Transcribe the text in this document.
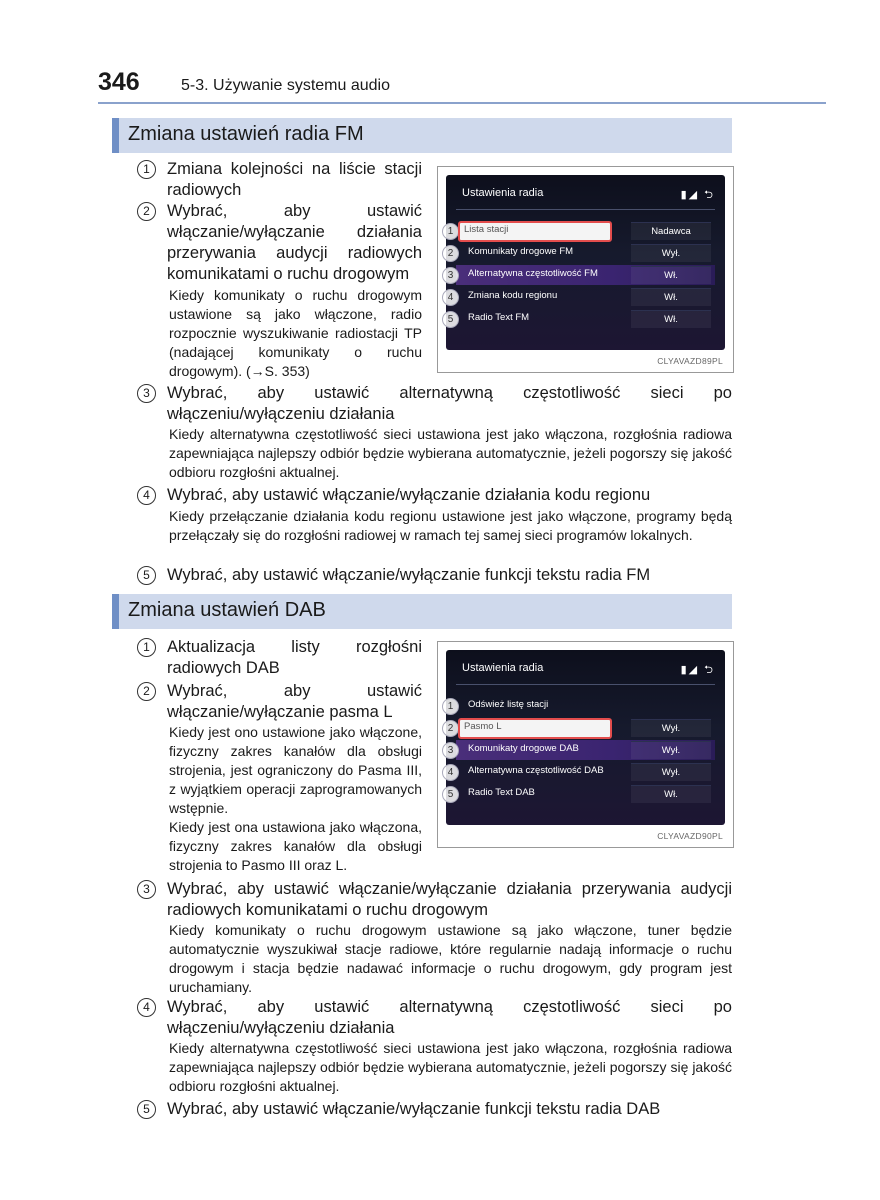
346	5-3. Używanie systemu audio
Zmiana ustawień radia FM
1	Zmiana kolejności na liście stacji radiowych
2	Wybrać, aby ustawić włączanie/wyłączanie działania przerywania audycji radiowych komunikatami o ruchu drogowym
Kiedy komunikaty o ruchu drogowym ustawione są jako włączone, radio rozpocznie wyszukiwanie radiostacji TP (nadającej komunikaty o ruchu drogowym). (→S. 353)
Ustawienia radia	▮◢ ⮌
1	Lista stacji	Nadawca
2	Komunikaty drogowe FM	Wył.
3	Alternatywna częstotliwość FM	Wł.
4	Zmiana kodu regionu	Wł.
5	Radio Text FM	Wł.
CLYAVAZD89PL
3	Wybrać, aby ustawić alternatywną częstotliwość sieci po włączeniu/wyłączeniu działania
Kiedy alternatywna częstotliwość sieci ustawiona jest jako włączona, rozgłośnia radiowa zapewniająca najlepszy odbiór będzie wybierana automatycznie, jeżeli pogorszy się jakość odbioru rozgłośni aktualnej.
4	Wybrać, aby ustawić włączanie/wyłączanie działania kodu regionu
Kiedy przełączanie działania kodu regionu ustawione jest jako włączone, programy będą przełączały się do rozgłośni radiowej w ramach tej samej sieci programów lokalnych.
5	Wybrać, aby ustawić włączanie/wyłączanie funkcji tekstu radia FM
Zmiana ustawień DAB
1	Aktualizacja listy rozgłośni radiowych DAB
2	Wybrać, aby ustawić włączanie/wyłączanie pasma L
Kiedy jest ono ustawione jako włączone, fizyczny zakres kanałów dla obsługi strojenia, jest ograniczony do Pasma III, z wyjątkiem operacji zaprogramowanych wstępnie.
Kiedy jest ona ustawiona jako włączona, fizyczny zakres kanałów dla obsługi strojenia to Pasmo III oraz L.
Ustawienia radia	▮◢ ⮌
1	Odśwież listę stacji
2	Pasmo L	Wył.
3	Komunikaty drogowe DAB	Wył.
4	Alternatywna częstotliwość DAB	Wył.
5	Radio Text DAB	Wł.
CLYAVAZD90PL
3	Wybrać, aby ustawić włączanie/wyłączanie działania przerywania audycji radiowych komunikatami o ruchu drogowym
Kiedy komunikaty o ruchu drogowym ustawione są jako włączone, tuner będzie automatycznie wyszukiwał stacje radiowe, które regularnie nadają informacje o ruchu drogowym i stacja będzie nadawać informacje o ruchu drogowym, gdy program jest uruchamiany.
4	Wybrać, aby ustawić alternatywną częstotliwość sieci po włączeniu/wyłączeniu działania
Kiedy alternatywna częstotliwość sieci ustawiona jest jako włączona, rozgłośnia radiowa zapewniająca najlepszy odbiór będzie wybierana automatycznie, jeżeli pogorszy się jakość odbioru rozgłośni aktualnej.
5	Wybrać, aby ustawić włączanie/wyłączanie funkcji tekstu radia DAB
